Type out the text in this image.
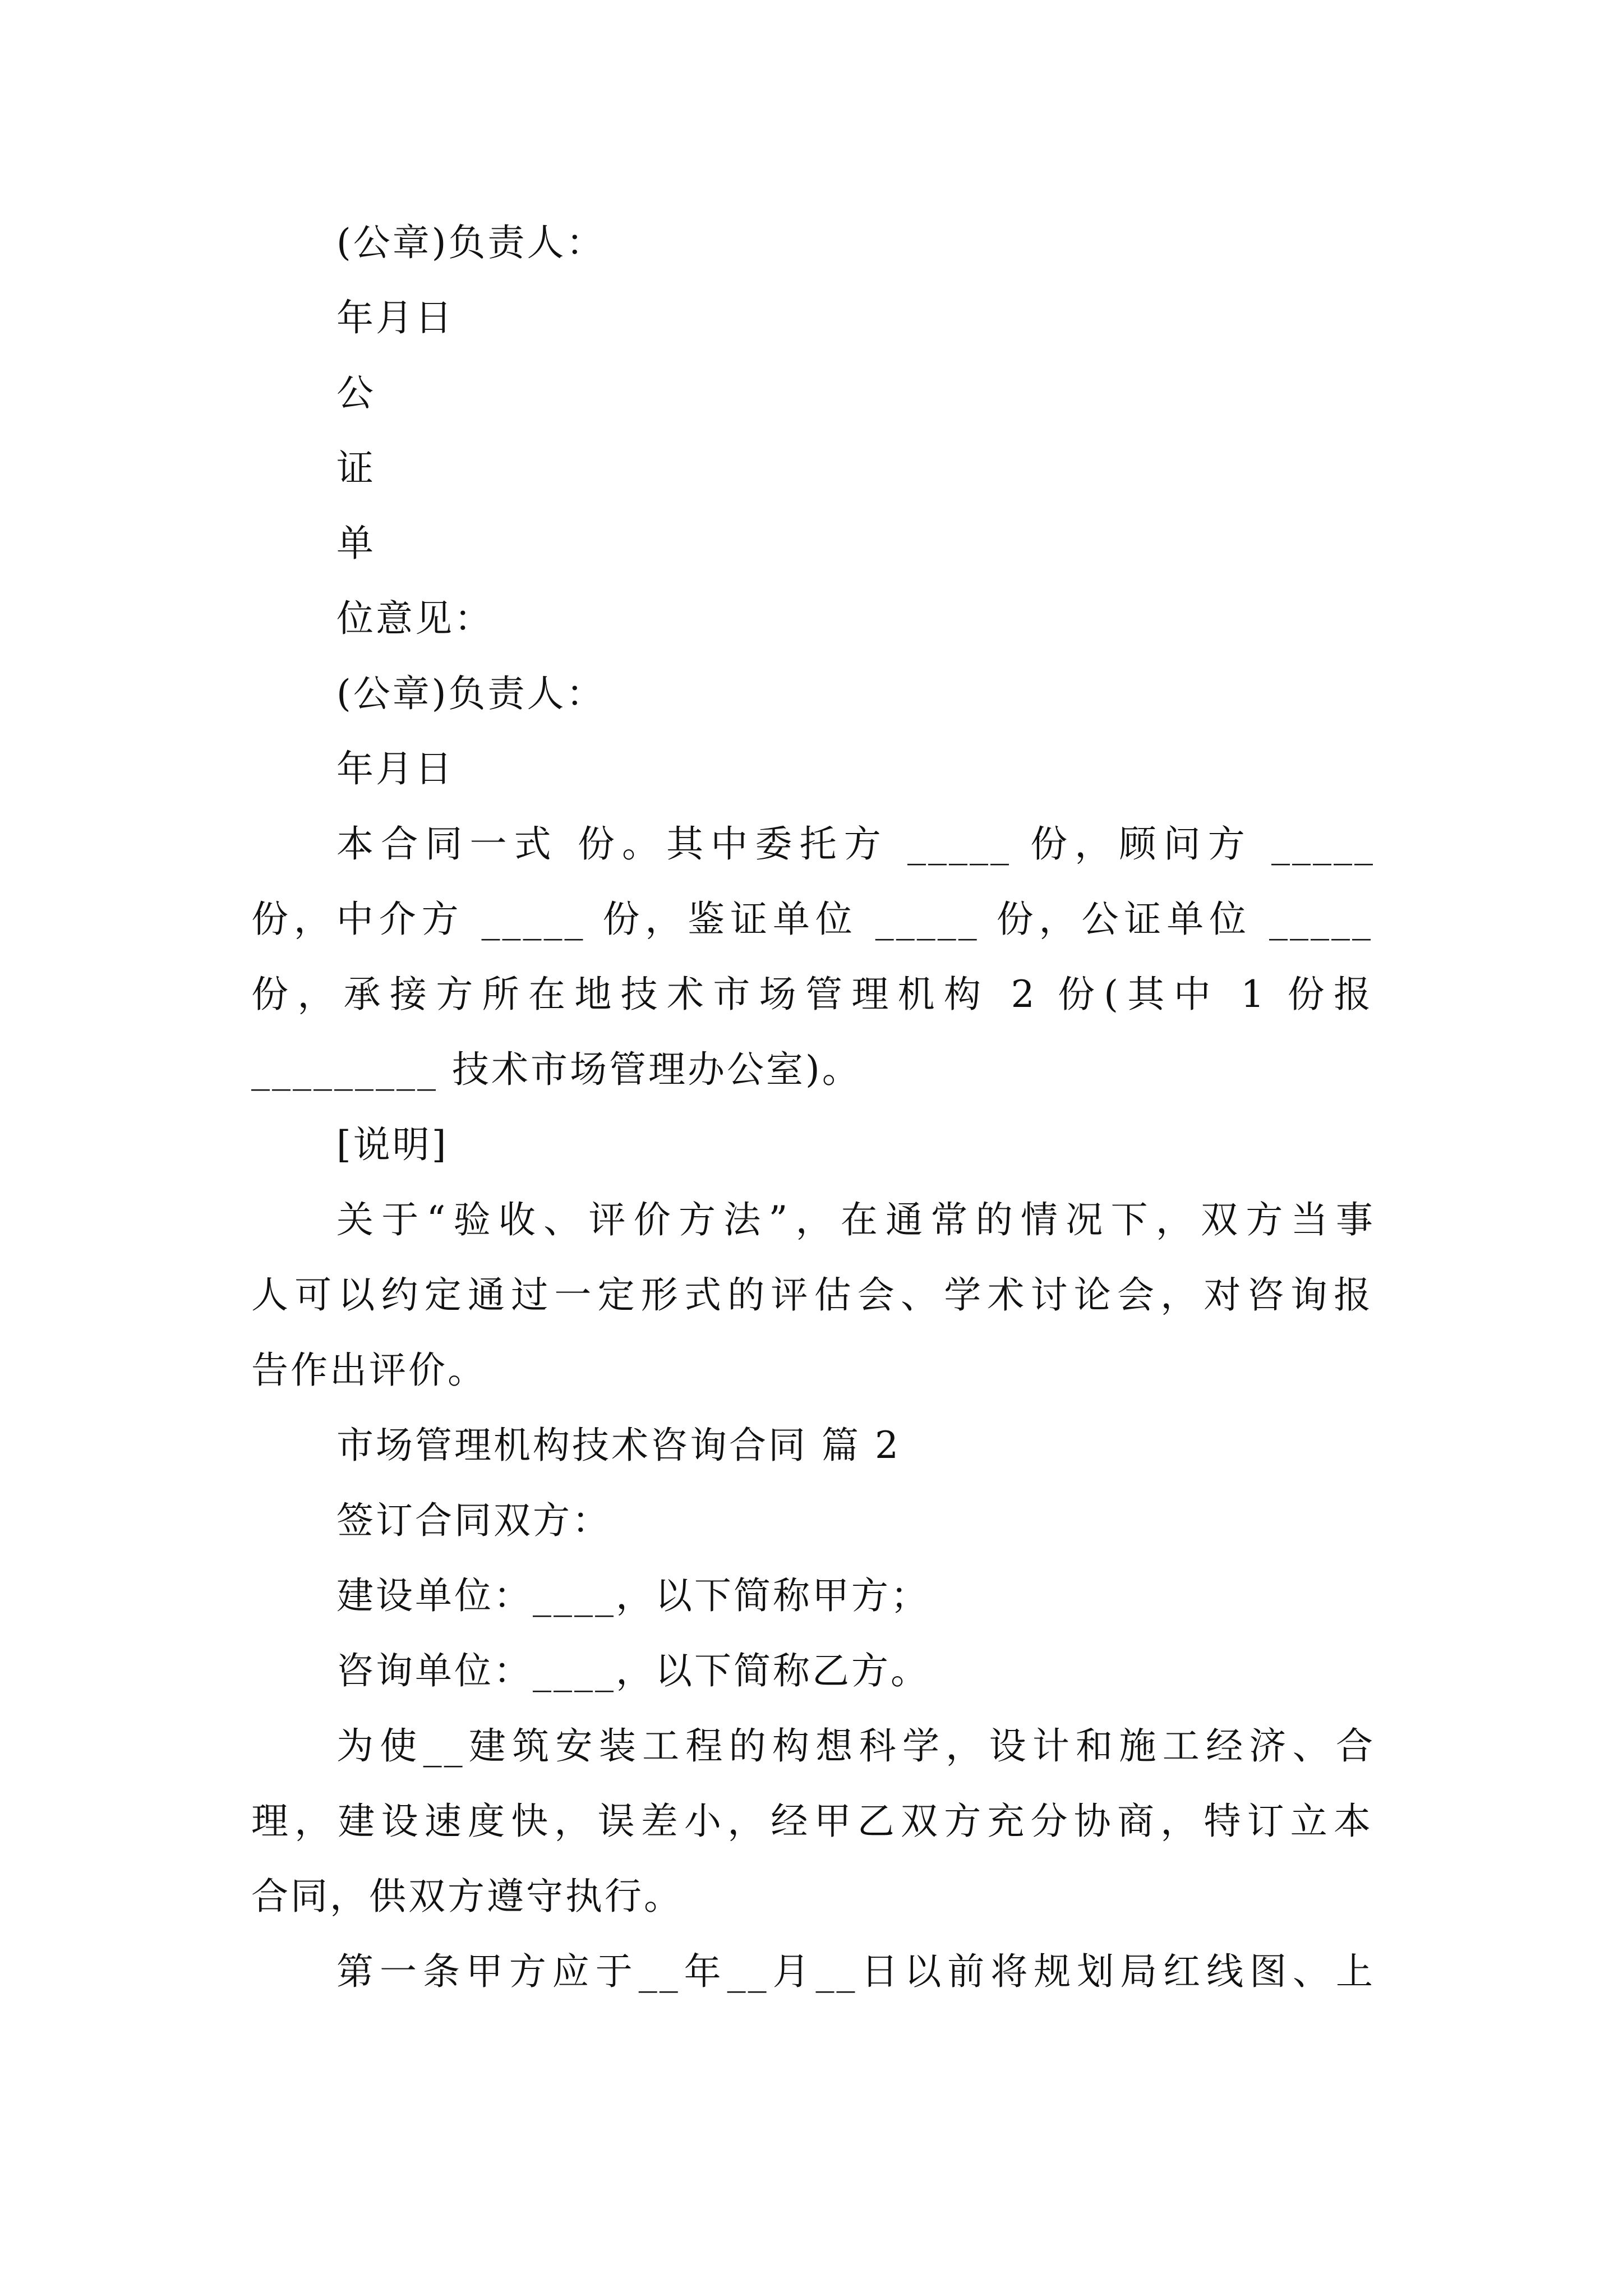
(公章)负责人：
年月日
公
证
单
位意见：
(公章)负责人：
年月日
本合同一式 份。其中委托方 _____ 份，顾问方 _____
份，中介方 _____ 份，鉴证单位 _____ 份，公证单位 _____
份，承接方所在地技术市场管理机构 2 份(其中 1 份报
_________ 技术市场管理办公室)。
[说明]
关于“验收、评价方法”，在通常的情况下，双方当事
人可以约定通过一定形式的评估会、学术讨论会，对咨询报
告作出评价。
市场管理机构技术咨询合同 篇 2
签订合同双方：
建设单位：____，以下简称甲方；
咨询单位：____，以下简称乙方。
为使__建筑安装工程的构想科学，设计和施工经济、合
理，建设速度快，误差小，经甲乙双方充分协商，特订立本
合同，供双方遵守执行。
第一条甲方应于__年__月__日以前将规划局红线图、上
